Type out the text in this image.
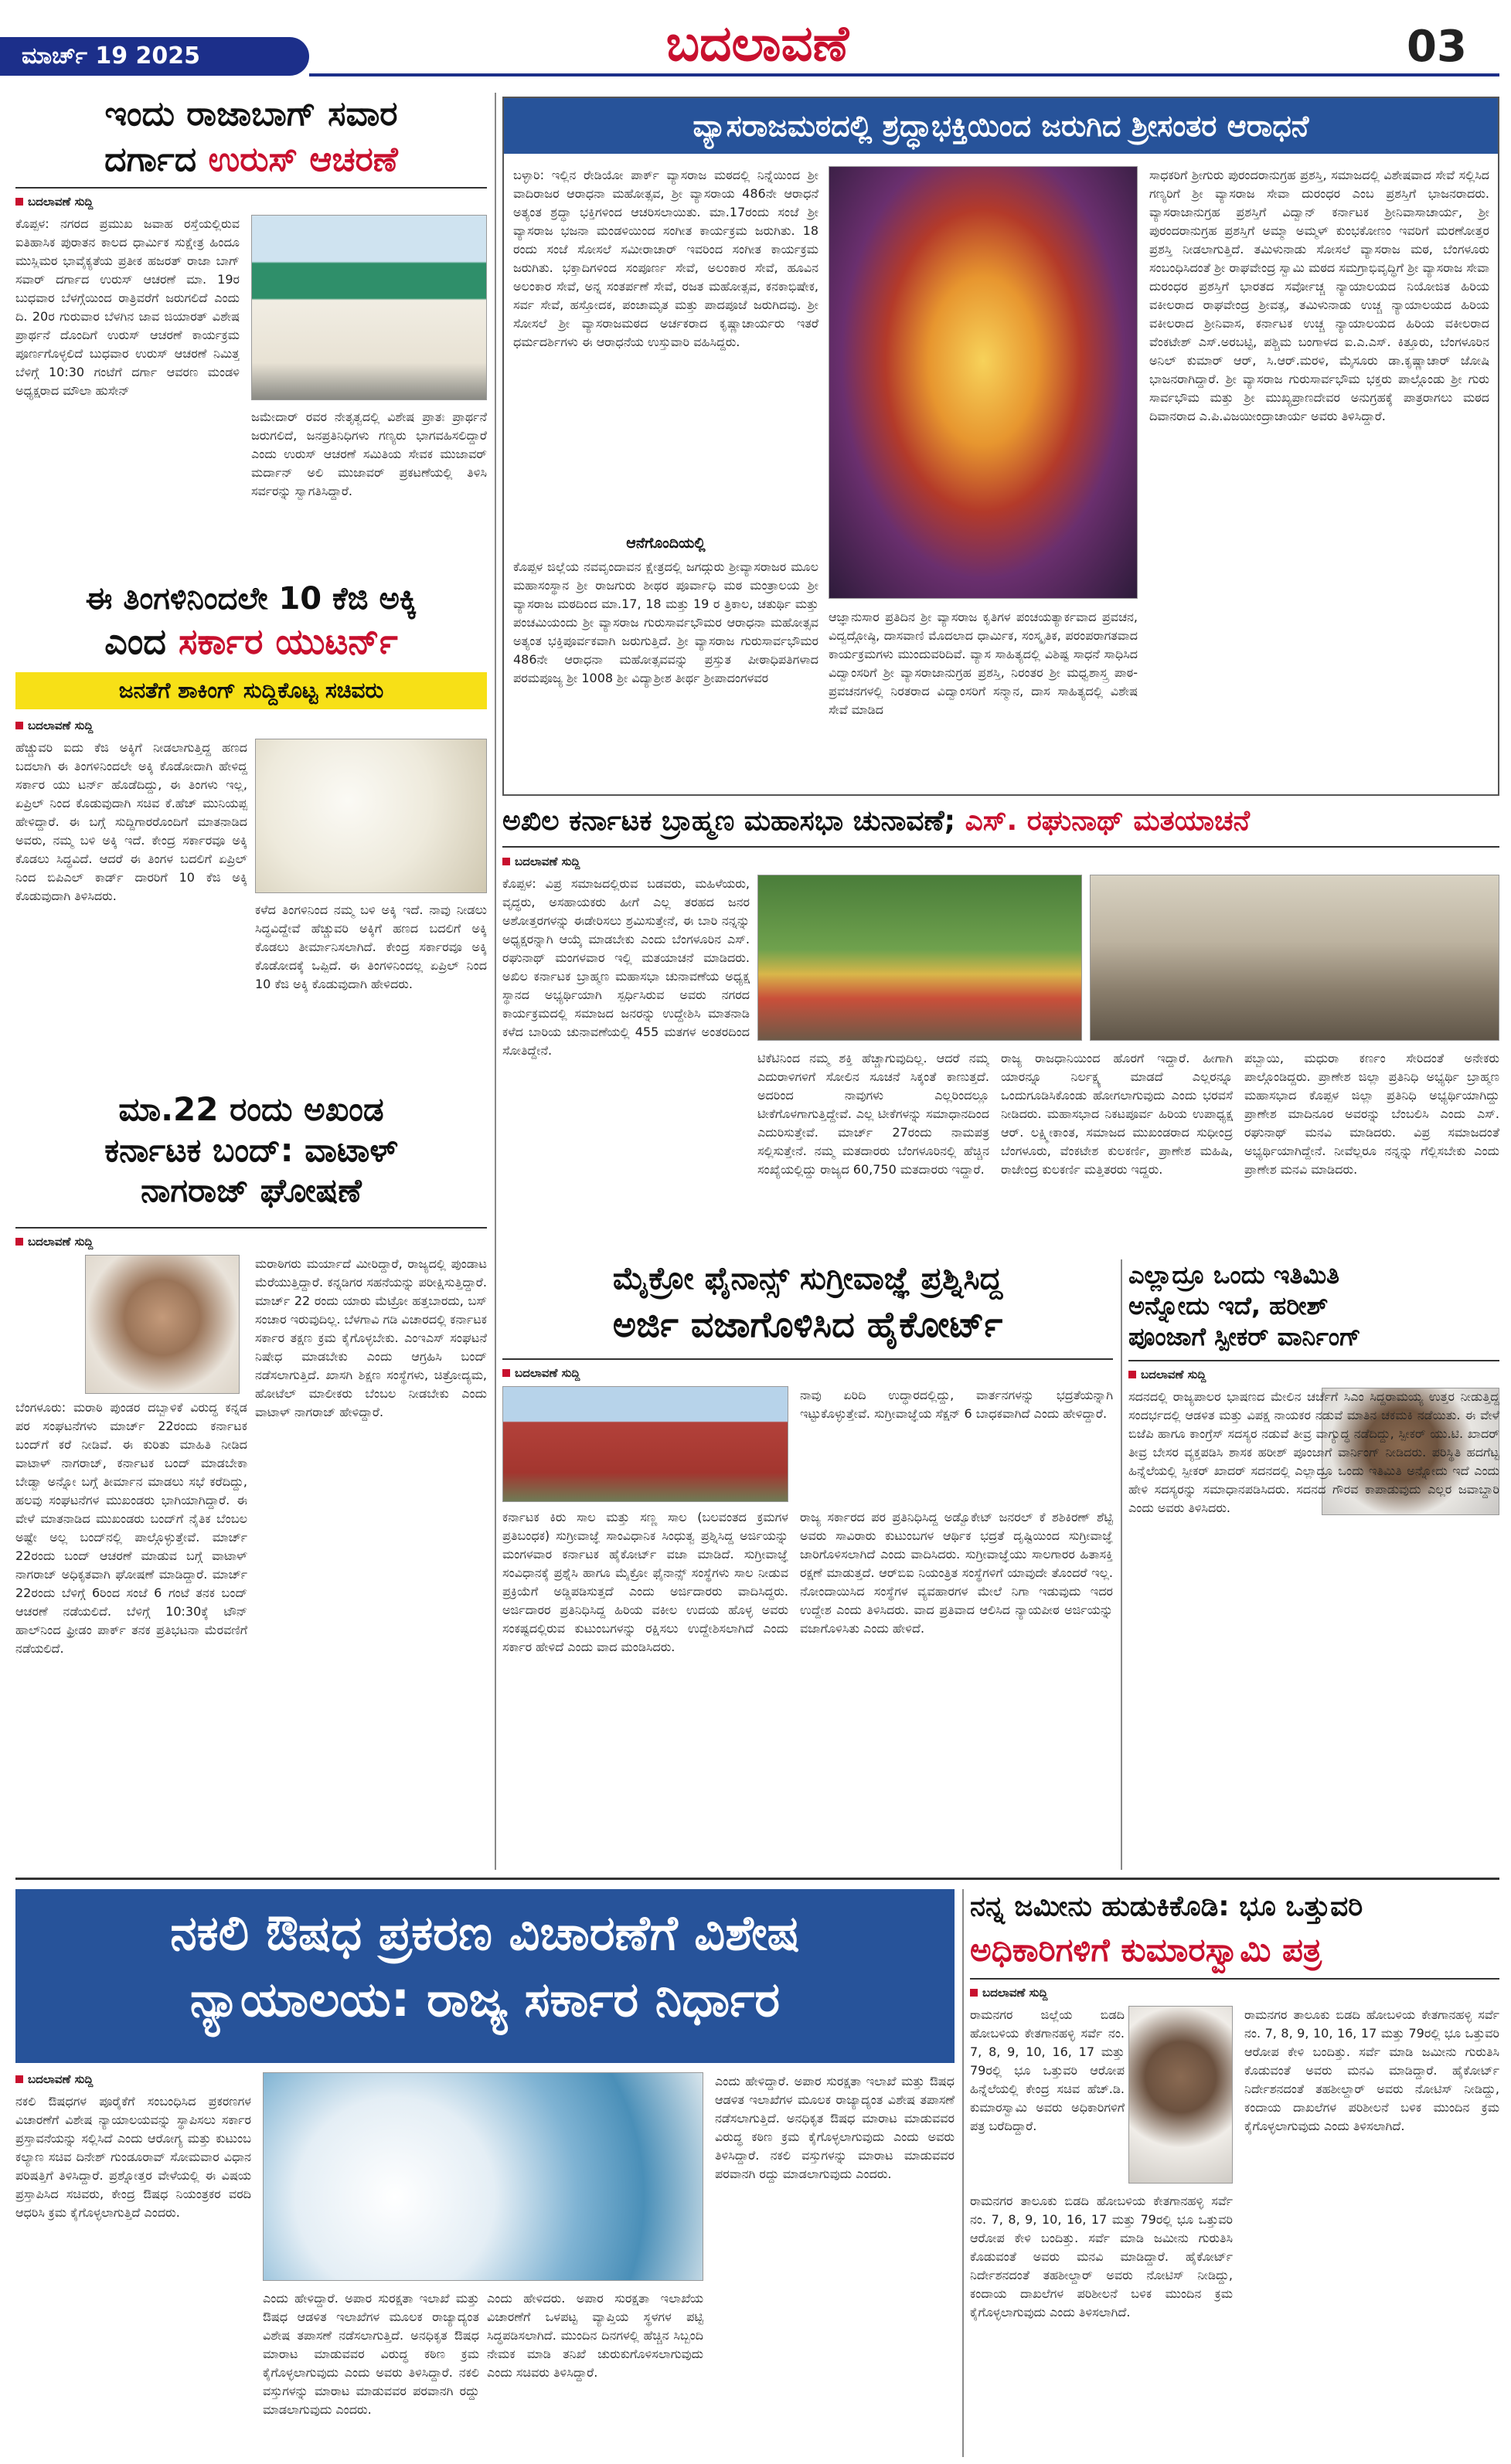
ಮಾರ್ಚ್ 19 2025	ಬದಲಾವಣೆ	03
ಇಂದು ರಾಜಾಬಾಗ್ ಸವಾರ
ದರ್ಗಾದ ಉರುಸ್ ಆಚರಣೆ
ಬದಲಾವಣೆ ಸುದ್ದಿ
ಕೊಪ್ಪಳ: ನಗರದ ಪ್ರಮುಖ ಜವಾಹ ರಸ್ತೆಯಲ್ಲಿರುವ ಐತಿಹಾಸಿಕ ಪುರಾತನ ಕಾಲದ ಧಾರ್ಮಿಕ ಸುಕ್ಷೇತ್ರ ಹಿಂದೂ ಮುಸ್ಲಿಮರ ಭಾವೈಕ್ಯತೆಯ ಪ್ರತೀಕ ಹಜರತ್ ರಾಜಾ ಬಾಗ್ ಸವಾರ್ ದರ್ಗಾದ ಉರುಸ್ ಆಚರಣೆ ಮಾ. 19ರ ಬುಧವಾರ ಬೆಳಗ್ಗೆಯಿಂದ ರಾತ್ರಿವರೆಗೆ ಜರುಗಲಿದೆ ಎಂದು ದಿ. 20ರ ಗುರುವಾರ ಬೆಳಗಿನ ಜಾವ ಜಿಯಾರತ್ ವಿಶೇಷ ಪ್ರಾರ್ಥನೆ ದೊಂದಿಗೆ ಉರುಸ್ ಆಚರಣೆ ಕಾರ್ಯಕ್ರಮ ಪೂರ್ಣಗೊಳ್ಳಲಿದೆ ಬುಧವಾರ ಉರುಸ್ ಆಚರಣೆ ನಿಮಿತ್ತ ಬೆಳಿಗ್ಗೆ 10:30 ಗಂಟೆಗೆ ದರ್ಗಾ ಆವರಣ ಮಂಡಳಿ ಅಧ್ಯಕ್ಷರಾದ ಮೌಲಾ ಹುಸೇನ್
ಜಮೇದಾರ್ ರವರ ನೇತೃತ್ವದಲ್ಲಿ ವಿಶೇಷ ಪ್ರಾತಃ ಪ್ರಾರ್ಥನೆ ಜರುಗಲಿದೆ, ಜನಪ್ರತಿನಿಧಿಗಳು ಗಣ್ಯರು ಭಾಗವಹಿಸಲಿದ್ದಾರೆ ಎಂದು ಉರುಸ್ ಆಚರಣೆ ಸಮಿತಿಯ ಸೇವಕ ಮುಜಾವರ್ ಮರ್ದಾನ್ ಅಲಿ ಮುಜಾವರ್ ಪ್ರಕಟಣೆಯಲ್ಲಿ ತಿಳಿಸಿ ಸರ್ವರನ್ನು ಸ್ವಾಗತಿಸಿದ್ದಾರೆ.
ಈ ತಿಂಗಳಿನಿಂದಲೇ 10 ಕೆಜಿ ಅಕ್ಕಿ
ಎಂದ ಸರ್ಕಾರ ಯುಟರ್ನ್
ಜನತೆಗೆ ಶಾಕಿಂಗ್ ಸುದ್ದಿಕೊಟ್ಟ ಸಚಿವರು
ಬದಲಾವಣೆ ಸುದ್ದಿ
ಹೆಚ್ಚುವರಿ ಐದು ಕೆಜಿ ಅಕ್ಕಿಗೆ ನೀಡಲಾಗುತ್ತಿದ್ದ ಹಣದ ಬದಲಾಗಿ ಈ ತಿಂಗಳಿನಿಂದಲೇ ಅಕ್ಕಿ ಕೊಡೋದಾಗಿ ಹೇಳಿದ್ದ ಸರ್ಕಾರ ಯು ಟರ್ನ್ ಹೊಡೆದಿದ್ದು, ಈ ತಿಂಗಳು ಇಲ್ಲ, ಏಪ್ರಿಲ್ ನಿಂದ ಕೊಡುವುದಾಗಿ ಸಚಿವ ಕೆ.ಹೆಚ್ ಮುನಿಯಪ್ಪ ಹೇಳಿದ್ದಾರೆ. ಈ ಬಗ್ಗೆ ಸುದ್ದಿಗಾರರೊಂದಿಗೆ ಮಾತನಾಡಿದ ಅವರು, ನಮ್ಮ ಬಳಿ ಅಕ್ಕಿ ಇದೆ. ಕೇಂದ್ರ ಸರ್ಕಾರವೂ ಅಕ್ಕಿ ಕೊಡಲು ಸಿದ್ಧವಿದೆ. ಆದರೆ ಈ ತಿಂಗಳ ಬದಲಿಗೆ ಏಪ್ರಿಲ್ ನಿಂದ ಬಿಪಿಎಲ್ ಕಾರ್ಡ್ ದಾರರಿಗೆ 10 ಕೆಜಿ ಅಕ್ಕಿ ಕೊಡುವುದಾಗಿ ತಿಳಿಸಿದರು.
ಕಳೆದ ತಿಂಗಳಿನಿಂದ ನಮ್ಮ ಬಳಿ ಅಕ್ಕಿ ಇದೆ. ನಾವು ನೀಡಲು ಸಿದ್ಧವಿದ್ದೇವೆ ಹೆಚ್ಚುವರಿ ಅಕ್ಕಿಗೆ ಹಣದ ಬದಲಿಗೆ ಅಕ್ಕಿ ಕೊಡಲು ತೀರ್ಮಾನಿಸಲಾಗಿದೆ. ಕೇಂದ್ರ ಸರ್ಕಾರವೂ ಅಕ್ಕಿ ಕೊಡೋದಕ್ಕೆ ಒಪ್ಪಿದೆ. ಈ ತಿಂಗಳಿನಿಂದಲ್ಲ ಏಪ್ರಿಲ್ ನಿಂದ 10 ಕೆಜಿ ಅಕ್ಕಿ ಕೊಡುವುದಾಗಿ ಹೇಳಿದರು.
ಮಾ.22 ರಂದು ಅಖಂಡ
ಕರ್ನಾಟಕ ಬಂದ್: ವಾಟಾಳ್
ನಾಗರಾಜ್ ಘೋಷಣೆ
ಬದಲಾವಣೆ ಸುದ್ದಿ
ಬೆಂಗಳೂರು: ಮರಾಠಿ ಪುಂಡರ ದಬ್ಬಾಳಿಕೆ ವಿರುದ್ಧ ಕನ್ನಡ ಪರ ಸಂಘಟನೆಗಳು ಮಾರ್ಚ್ 22ರಂದು ಕರ್ನಾಟಕ ಬಂದ್‌ಗೆ ಕರೆ ನೀಡಿವೆ. ಈ ಕುರಿತು ಮಾಹಿತಿ ನೀಡಿದ ವಾಟಾಳ್ ನಾಗರಾಜ್, ಕರ್ನಾಟಕ ಬಂದ್ ಮಾಡಬೇಕಾ ಬೇಡ್ವಾ ಅನ್ನೋ ಬಗ್ಗೆ ತೀರ್ಮಾನ ಮಾಡಲು ಸಭೆ ಕರೆದಿದ್ದು, ಹಲವು ಸಂಘಟನೆಗಳ ಮುಖಂಡರು ಭಾಗಿಯಾಗಿದ್ದಾರೆ. ಈ ವೇಳೆ ಮಾತನಾಡಿದ ಮುಖಂಡರು ಬಂದ್‌ಗೆ ನೈತಿಕ ಬೆಂಬಲ ಅಷ್ಟೇ ಅಲ್ಲ ಬಂದ್‌ನಲ್ಲಿ ಪಾಲ್ಗೊಳ್ಳುತ್ತೇವೆ. ಮಾರ್ಚ್ 22ರಂದು ಬಂದ್ ಆಚರಣೆ ಮಾಡುವ ಬಗ್ಗೆ ವಾಟಾಳ್ ನಾಗರಾಜ್ ಅಧಿಕೃತವಾಗಿ ಘೋಷಣೆ ಮಾಡಿದ್ದಾರೆ. ಮಾರ್ಚ್ 22ರಂದು ಬೆಳಿಗ್ಗೆ 6ರಿಂದ ಸಂಜೆ 6 ಗಂಟೆ ತನಕ ಬಂದ್ ಆಚರಣೆ ನಡೆಯಲಿದೆ. ಬೆಳಿಗ್ಗೆ 10:30ಕ್ಕೆ ಟೌನ್ ಹಾಲ್‌ನಿಂದ ಫ್ರೀಡಂ ಪಾರ್ಕ್ ತನಕ ಪ್ರತಿಭಟನಾ ಮೆರವಣಿಗೆ ನಡೆಯಲಿದೆ.
ಮರಾಠಿಗರು ಮರ್ಯಾದೆ ಮೀರಿದ್ದಾರೆ, ರಾಜ್ಯದಲ್ಲಿ ಪುಂಡಾಟ ಮೆರೆಯುತ್ತಿದ್ದಾರೆ. ಕನ್ನಡಿಗರ ಸಹನೆಯನ್ನು ಪರೀಕ್ಷಿಸುತ್ತಿದ್ದಾರೆ. ಮಾರ್ಚ್ 22 ರಂದು ಯಾರು ಮೆಟ್ರೋ ಹತ್ತಬಾರದು, ಬಸ್ ಸಂಚಾರ ಇರುವುದಿಲ್ಲ. ಬೆಳಗಾವಿ ಗಡಿ ವಿಚಾರದಲ್ಲಿ ಕರ್ನಾಟಕ ಸರ್ಕಾರ ತಕ್ಷಣ ಕ್ರಮ ಕೈಗೊಳ್ಳಬೇಕು. ಎಂಇಎಸ್ ಸಂಘಟನೆ ನಿಷೇಧ ಮಾಡಬೇಕು ಎಂದು ಆಗ್ರಹಿಸಿ ಬಂದ್ ನಡೆಸಲಾಗುತ್ತಿದೆ. ಖಾಸಗಿ ಶಿಕ್ಷಣ ಸಂಸ್ಥೆಗಳು, ಚಿತ್ರೋದ್ಯಮ, ಹೋಟೆಲ್ ಮಾಲೀಕರು ಬೆಂಬಲ ನೀಡಬೇಕು ಎಂದು ವಾಟಾಳ್ ನಾಗರಾಜ್ ಹೇಳಿದ್ದಾರೆ.
ವ್ಯಾಸರಾಜಮಠದಲ್ಲಿ ಶ್ರದ್ಧಾಭಕ್ತಿಯಿಂದ ಜರುಗಿದ ಶ್ರೀಸಂತರ ಆರಾಧನೆ
ಬಳ್ಳಾರಿ: ಇಲ್ಲಿನ ರೇಡಿಯೋ ಪಾರ್ಕ್ ವ್ಯಾಸರಾಜ ಮಠದಲ್ಲಿ ನಿನ್ನೆಯಿಂದ ಶ್ರೀ ವಾದಿರಾಜರ ಆರಾಧನಾ ಮಹೋತ್ಸವ, ಶ್ರೀ ವ್ಯಾಸರಾಯ 486ನೇ ಆರಾಧನೆ ಅತ್ಯಂತ ಶ್ರದ್ಧಾ ಭಕ್ತಿಗಳಿಂದ ಆಚರಿಸಲಾಯಿತು. ಮಾ.17ರಂದು ಸಂಜೆ ಶ್ರೀ ವ್ಯಾಸರಾಜ ಭಜನಾ ಮಂಡಳಿಯಿಂದ ಸಂಗೀತ ಕಾರ್ಯಕ್ರಮ ಜರುಗಿತು. 18 ರಂದು ಸಂಜೆ ಸೋಸಲೆ ಸಮೀರಾಚಾರ್ ಇವರಿಂದ ಸಂಗೀತ ಕಾರ್ಯಕ್ರಮ ಜರುಗಿತು. ಭಕ್ತಾದಿಗಳಿಂದ ಸಂಪೂರ್ಣ ಸೇವೆ, ಅಲಂಕಾರ ಸೇವೆ, ಹೂವಿನ ಅಲಂಕಾರ ಸೇವೆ, ಅನ್ನ ಸಂತರ್ಪಣೆ ಸೇವೆ, ರಜತ ಮಹೋತ್ಸವ, ಕನಕಾಭಿಷೇಕ, ಸರ್ವ ಸೇವೆ, ಹಸ್ತೋದಕ, ಪಂಚಾಮೃತ ಮತ್ತು ಪಾದಪೂಜೆ ಜರುಗಿದವು. ಶ್ರೀ ಸೋಸಲೆ ಶ್ರೀ ವ್ಯಾಸರಾಜಮಠದ ಅರ್ಚಕರಾದ ಕೃಷ್ಣಾಚಾರ್ಯರು ಇತರೆ ಧರ್ಮದರ್ಶಿಗಳು ಈ ಆರಾಧನೆಯ ಉಸ್ತುವಾರಿ ವಹಿಸಿದ್ದರು.
ಆನೆಗೊಂದಿಯಲ್ಲಿ
ಕೊಪ್ಪಳ ಜಿಲ್ಲೆಯ ನವವೃಂದಾವನ ಕ್ಷೇತ್ರದಲ್ಲಿ ಜಗದ್ಗುರು ಶ್ರೀವ್ಯಾಸರಾಜರ ಮೂಲ ಮಹಾಸಂಸ್ಥಾನ ಶ್ರೀ ರಾಜಗುರು ಶೀಥರ ಪೂರ್ವಾಧಿ ಮಠ ಮಂತ್ರಾಲಯ ಶ್ರೀ ವ್ಯಾಸರಾಜ ಮಠದಿಂದ ಮಾ.17, 18 ಮತ್ತು 19 ರ ತ್ರಿಕಾಲ, ಚತುರ್ಥಿ ಮತ್ತು ಪಂಚಮಿಯಂದು ಶ್ರೀ ವ್ಯಾಸರಾಜ ಗುರುಸಾರ್ವಭೌಮರ ಆರಾಧನಾ ಮಹೋತ್ಸವ ಅತ್ಯಂತ ಭಕ್ತಿಪೂರ್ವಕವಾಗಿ ಜರುಗುತ್ತಿದೆ. ಶ್ರೀ ವ್ಯಾಸರಾಜ ಗುರುಸಾರ್ವಭೌಮರ 486ನೇ ಆರಾಧನಾ ಮಹೋತ್ಸವವನ್ನು ಪ್ರಸ್ತುತ ಪೀಠಾಧಿಪತಿಗಳಾದ ಪರಮಪೂಜ್ಯ ಶ್ರೀ 1008 ಶ್ರೀ ವಿದ್ಯಾಶ್ರೀಶ ತೀರ್ಥ ಶ್ರೀಪಾದಂಗಳವರ
ಆಜ್ಞಾನುಸಾರ ಪ್ರತಿದಿನ ಶ್ರೀ ವ್ಯಾಸರಾಜ ಕೃತಿಗಳ ಪಂಚಯತ್ಯಾರ್ಕವಾದ ಪ್ರವಚನ, ವಿದ್ವದ್ಗೋಷ್ಠಿ, ದಾಸವಾಣಿ ಮೊದಲಾದ ಧಾರ್ಮಿಕ, ಸಂಸ್ಕೃತಿಕ, ಪರಂಪರಾಗತವಾದ ಕಾರ್ಯಕ್ರಮಗಳು ಮುಂದುವರಿದಿವೆ. ವ್ಯಾಸ ಸಾಹಿತ್ಯದಲ್ಲಿ ವಿಶಿಷ್ಟ ಸಾಧನೆ ಸಾಧಿಸಿದ ವಿದ್ವಾಂಸರಿಗೆ ಶ್ರೀ ವ್ಯಾಸರಾಜಾನುಗ್ರಹ ಪ್ರಶಸ್ತಿ, ನಿರಂತರ ಶ್ರೀ ಮಧ್ವಶಾಸ್ತ್ರ ಪಾಠ-ಪ್ರವಚನಗಳಲ್ಲಿ ನಿರತರಾದ ವಿದ್ವಾಂಸರಿಗೆ ಸನ್ಮಾನ, ದಾಸ ಸಾಹಿತ್ಯದಲ್ಲಿ ವಿಶೇಷ ಸೇವೆ ಮಾಡಿದ
ಸಾಧಕರಿಗೆ ಶ್ರೀಗುರು ಪುರಂದರಾನುಗ್ರಹ ಪ್ರಶಸ್ತಿ, ಸಮಾಜದಲ್ಲಿ ವಿಶೇಷವಾದ ಸೇವೆ ಸಲ್ಲಿಸಿದ ಗಣ್ಯರಿಗೆ ಶ್ರೀ ವ್ಯಾಸರಾಜ ಸೇವಾ ದುರಂಧರ ಎಂಬ ಪ್ರಶಸ್ತಿಗೆ ಭಾಜನರಾದರು. ವ್ಯಾಸರಾಜಾನುಗ್ರಹ ಪ್ರಶಸ್ತಿಗೆ ವಿದ್ವಾನ್ ಕರ್ನಾಟಕ ಶ್ರೀನಿವಾಸಾಚಾರ್ಯ, ಶ್ರೀ ಪುರಂದರಾನುಗ್ರಹ ಪ್ರಶಸ್ತಿಗೆ ಅಮ್ಮಾ ಅಮ್ಮಳ್ ಕುಂಭಕೋಣಂ ಇವರಿಗೆ ಮರಣೋತ್ತರ ಪ್ರಶಸ್ತಿ ನೀಡಲಾಗುತ್ತಿದೆ. ತಮಿಳುನಾಡು ಸೋಸಲೆ ವ್ಯಾಸರಾಜ ಮಠ, ಬೆಂಗಳೂರು ಸಂಬಂಧಿಸಿದಂತೆ ಶ್ರೀ ರಾಘವೇಂದ್ರ ಸ್ವಾಮಿ ಮಠದ ಸಮಗ್ರಾಭಿವೃದ್ಧಿಗೆ ಶ್ರೀ ವ್ಯಾಸರಾಜ ಸೇವಾ ದುರಂಧರ ಪ್ರಶಸ್ತಿಗೆ ಭಾರತದ ಸರ್ವೋಚ್ಚ ನ್ಯಾಯಾಲಯದ ನಿಯೋಜಿತ ಹಿರಿಯ ವಕೀಲರಾದ ರಾಘವೇಂದ್ರ ಶ್ರೀವತ್ಸ, ತಮಿಳುನಾಡು ಉಚ್ಚ ನ್ಯಾಯಾಲಯದ ಹಿರಿಯ ವಕೀಲರಾದ ಶ್ರೀನಿವಾಸ, ಕರ್ನಾಟಕ ಉಚ್ಚ ನ್ಯಾಯಾಲಯದ ಹಿರಿಯ ವಕೀಲರಾದ ವೆಂಕಟೇಶ್ ಎಸ್.ಅರಬಟ್ಟಿ, ಪಶ್ಚಿಮ ಬಂಗಾಳದ ಐ.ಎ.ಎಸ್. ಕಿತ್ತೂರು, ಬೆಂಗಳೂರಿನ ಅನಿಲ್ ಕುಮಾರ್ ಆರ್, ಸಿ.ಆರ್.ಮರಳಿ, ಮೈಸೂರು ಡಾ.ಕೃಷ್ಣಾಚಾರ್ ಜೋಷಿ ಭಾಜನರಾಗಿದ್ದಾರೆ. ಶ್ರೀ ವ್ಯಾಸರಾಜ ಗುರುಸಾರ್ವಭೌಮ ಭಕ್ತರು ಪಾಲ್ಗೊಂಡು ಶ್ರೀ ಗುರು ಸಾರ್ವಭೌಮ ಮತ್ತು ಶ್ರೀ ಮುಖ್ಯಪ್ರಾಣದೇವರ ಅನುಗ್ರಹಕ್ಕೆ ಪಾತ್ರರಾಗಲು ಮಠದ ದಿವಾನರಾದ ಎ.ಪಿ.ವಿಜಯೀಂದ್ರಾಚಾರ್ಯ ಅವರು ತಿಳಿಸಿದ್ದಾರೆ.
ಅಖಿಲ ಕರ್ನಾಟಕ ಬ್ರಾಹ್ಮಣ ಮಹಾಸಭಾ ಚುನಾವಣೆ; ಎಸ್. ರಘುನಾಥ್ ಮತಯಾಚನೆ
ಬದಲಾವಣೆ ಸುದ್ದಿ
ಕೊಪ್ಪಳ: ವಿಪ್ರ ಸಮಾಜದಲ್ಲಿರುವ ಬಡವರು, ಮಹಿಳೆಯರು, ವೃದ್ಧರು, ಅಸಹಾಯಕರು ಹೀಗೆ ಎಲ್ಲ ತರಹದ ಜನರ ಅಶೋತ್ತರಗಳನ್ನು ಈಡೇರಿಸಲು ಶ್ರಮಿಸುತ್ತೇನೆ, ಈ ಬಾರಿ ನನ್ನನ್ನು ಅಧ್ಯಕ್ಷರನ್ನಾಗಿ ಆಯ್ಕೆ ಮಾಡಬೇಕು ಎಂದು ಬೆಂಗಳೂರಿನ ಎಸ್. ರಘುನಾಥ್ ಮಂಗಳವಾರ ಇಲ್ಲಿ ಮತಯಾಚನೆ ಮಾಡಿದರು. ಅಖಿಲ ಕರ್ನಾಟಕ ಬ್ರಾಹ್ಮಣ ಮಹಾಸಭಾ ಚುನಾವಣೆಯ ಅಧ್ಯಕ್ಷ ಸ್ಥಾನದ ಅಭ್ಯರ್ಥಿಯಾಗಿ ಸ್ಪರ್ಧಿಸಿರುವ ಅವರು ನಗರದ ಕಾರ್ಯಕ್ರಮದಲ್ಲಿ ಸಮಾಜದ ಜನರನ್ನು ಉದ್ದೇಶಿಸಿ ಮಾತನಾಡಿ ಕಳೆದ ಬಾರಿಯ ಚುನಾವಣೆಯಲ್ಲಿ 455 ಮತಗಳ ಅಂತರದಿಂದ ಸೋತಿದ್ದೇನೆ.
ಟಿಕೆಟಿನಿಂದ ನಮ್ಮ ಶಕ್ತಿ ಹೆಚ್ಚಾಗುವುದಿಲ್ಲ. ಆದರೆ ನಮ್ಮ ಎದುರಾಳಿಗಳಿಗೆ ಸೋಲಿನ ಸೂಚನೆ ಸಿಕ್ಕಂತೆ ಕಾಣುತ್ತದೆ. ಅದರಿಂದ ನಾವುಗಳು ಎಲ್ಲರಿಂದಲ್ಲೂ ಟೀಕೆಗೊಳಗಾಗುತ್ತಿದ್ದೇವೆ. ಎಲ್ಲ ಟೀಕೆಗಳನ್ನು ಸಮಾಧಾನದಿಂದ ಎದುರಿಸುತ್ತೇವೆ. ಮಾರ್ಚ್ 27ರಂದು ನಾಮಪತ್ರ ಸಲ್ಲಿಸುತ್ತೇನೆ. ನಮ್ಮ ಮತದಾರರು ಬೆಂಗಳೂರಿನಲ್ಲಿ ಹೆಚ್ಚಿನ ಸಂಖ್ಯೆಯಲ್ಲಿದ್ದು ರಾಜ್ಯದ 60,750 ಮತದಾರರು ಇದ್ದಾರೆ.
ರಾಜ್ಯ ರಾಜಧಾನಿಯಿಂದ ಹೊರಗೆ ಇದ್ದಾರೆ. ಹೀಗಾಗಿ ಯಾರನ್ನೂ ನಿರ್ಲಕ್ಷ್ಯ ಮಾಡದೆ ಎಲ್ಲರನ್ನೂ ಒಂದುಗೂಡಿಸಿಕೊಂಡು ಹೋಗಲಾಗುವುದು ಎಂದು ಭರವಸೆ ನೀಡಿದರು. ಮಹಾಸಭಾದ ನಿಕಟಪೂರ್ವ ಹಿರಿಯ ಉಪಾಧ್ಯಕ್ಷ ಆರ್. ಲಕ್ಷ್ಮೀಕಾಂತ, ಸಮಾಜದ ಮುಖಂಡರಾದ ಸುಧೀಂದ್ರ ಬೆಂಗಳೂರು, ವೆಂಕಟೇಶ ಕುಲಕರ್ಣಿ, ಪ್ರಾಣೇಶ ಮಹಿಷಿ, ರಾಜೇಂದ್ರ ಕುಲಕರ್ಣಿ ಮತ್ತಿತರರು ಇದ್ದರು.
ಪಬ್ಬಾಯಿ, ಮಧುರಾ ಕರ್ಣಂ ಸೇರಿದಂತೆ ಅನೇಕರು ಪಾಲ್ಗೊಂಡಿದ್ದರು. ಪ್ರಾಣೇಶ ಜಿಲ್ಲಾ ಪ್ರತಿನಿಧಿ ಅಭ್ಯರ್ಥಿ ಬ್ರಾಹ್ಮಣ ಮಹಾಸಭಾದ ಕೊಪ್ಪಳ ಜಿಲ್ಲಾ ಪ್ರತಿನಿಧಿ ಅಭ್ಯರ್ಥಿಯಾಗಿದ್ದು ಪ್ರಾಣೇಶ ಮಾದಿನೂರ ಅವರನ್ನು ಬೆಂಬಲಿಸಿ ಎಂದು ಎಸ್. ರಘುನಾಥ್ ಮನವಿ ಮಾಡಿದರು. ವಿಪ್ರ ಸಮಾಜದಂತೆ ಅಭ್ಯರ್ಥಿಯಾಗಿದ್ದೇನೆ. ನೀವೆಲ್ಲರೂ ನನ್ನನ್ನು ಗೆಲ್ಲಿಸಬೇಕು ಎಂದು ಪ್ರಾಣೇಶ ಮನವಿ ಮಾಡಿದರು.
ಮೈಕ್ರೋ ಫೈನಾನ್ಸ್ ಸುಗ್ರೀವಾಜ್ಞೆ ಪ್ರಶ್ನಿಸಿದ್ದ
ಅರ್ಜಿ ವಜಾಗೊಳಿಸಿದ ಹೈಕೋರ್ಟ್
ಬದಲಾವಣೆ ಸುದ್ದಿ
ನಾವು ಏರಿದಿ ಉದ್ಧಾರದಲ್ಲಿದ್ದು, ವಾರ್ತನಗಳನ್ನು ಭದ್ರತೆಯನ್ನಾಗಿ ಇಟ್ಟುಕೊಳ್ಳುತ್ತೇವೆ. ಸುಗ್ರೀವಾಜ್ಞೆಯ ಸೆಕ್ಷನ್ 6 ಬಾಧಕವಾಗಿದೆ ಎಂದು ಹೇಳಿದ್ದಾರೆ.
ಕರ್ನಾಟಕ ಕಿರು ಸಾಲ ಮತ್ತು ಸಣ್ಣ ಸಾಲ (ಬಲವಂತದ ಕ್ರಮಗಳ ಪ್ರತಿಬಂಧಕ) ಸುಗ್ರೀವಾಜ್ಞೆ ಸಾಂವಿಧಾನಿಕ ಸಿಂಧುತ್ವ ಪ್ರಶ್ನಿಸಿದ್ದ ಅರ್ಜಿಯನ್ನು ಮಂಗಳವಾರ ಕರ್ನಾಟಕ ಹೈಕೋರ್ಟ್ ವಜಾ ಮಾಡಿದೆ. ಸುಗ್ರೀವಾಜ್ಞೆ ಸಂವಿಧಾನಕ್ಕೆ ಪ್ರಶ್ನೆಸಿ ಹಾಗೂ ಮೈಕ್ರೋ ಫೈನಾನ್ಸ್ ಸಂಸ್ಥೆಗಳು ಸಾಲ ನೀಡುವ ಪ್ರಕ್ರಿಯೆಗೆ ಅಡ್ಡಿಪಡಿಸುತ್ತದೆ ಎಂದು ಅರ್ಜಿದಾರರು ವಾದಿಸಿದ್ದರು. ಅರ್ಜಿದಾರರ ಪ್ರತಿನಿಧಿಸಿದ್ದ ಹಿರಿಯ ವಕೀಲ ಉದಯ ಹೊಳ್ಳ ಅವರು ಸಂಕಷ್ಟದಲ್ಲಿರುವ ಕುಟುಂಬಗಳನ್ನು ರಕ್ಷಿಸಲು ಉದ್ದೇಶಿಸಲಾಗಿದೆ ಎಂದು ಸರ್ಕಾರ ಹೇಳಿದೆ ಎಂದು ವಾದ ಮಂಡಿಸಿದರು.
ರಾಜ್ಯ ಸರ್ಕಾರದ ಪರ ಪ್ರತಿನಿಧಿಸಿದ್ದ ಅಡ್ವೊಕೇಟ್ ಜನರಲ್ ಕೆ ಶಶಿಕಿರಣ್ ಶೆಟ್ಟಿ ಅವರು ಸಾವಿರಾರು ಕುಟುಂಬಗಳ ಆರ್ಥಿಕ ಭದ್ರತೆ ದೃಷ್ಟಿಯಿಂದ ಸುಗ್ರೀವಾಜ್ಞೆ ಜಾರಿಗೊಳಿಸಲಾಗಿದೆ ಎಂದು ವಾದಿಸಿದರು. ಸುಗ್ರೀವಾಜ್ಞೆಯು ಸಾಲಗಾರರ ಹಿತಾಸಕ್ತಿ ರಕ್ಷಣೆ ಮಾಡುತ್ತದೆ. ಆರ್‌ಬಿಐ ನಿಯಂತ್ರಿತ ಸಂಸ್ಥೆಗಳಿಗೆ ಯಾವುದೇ ತೊಂದರೆ ಇಲ್ಲ. ನೋಂದಾಯಿಸಿದ ಸಂಸ್ಥೆಗಳ ವ್ಯವಹಾರಗಳ ಮೇಲೆ ನಿಗಾ ಇಡುವುದು ಇದರ ಉದ್ದೇಶ ಎಂದು ತಿಳಿಸಿದರು. ವಾದ ಪ್ರತಿವಾದ ಆಲಿಸಿದ ನ್ಯಾಯಪೀಠ ಅರ್ಜಿಯನ್ನು ವಜಾಗೊಳಿಸಿತು ಎಂದು ಹೇಳಿದೆ.
ಎಲ್ಲಾದ್ರೂ ಒಂದು ಇತಿಮಿತಿ
ಅನ್ನೋದು ಇದೆ, ಹರೀಶ್
ಪೂಂಜಾಗೆ ಸ್ಪೀಕರ್ ವಾರ್ನಿಂಗ್
ಬದಲಾವಣೆ ಸುದ್ದಿ
ಸದನದಲ್ಲಿ ರಾಜ್ಯಪಾಲರ ಭಾಷಣದ ಮೇಲಿನ ಚರ್ಚೆಗೆ ಸಿಎಂ ಸಿದ್ದರಾಮಯ್ಯ ಉತ್ತರ ನೀಡುತ್ತಿದ್ದ ಸಂದರ್ಭದಲ್ಲಿ ಆಡಳಿತ ಮತ್ತು ವಿಪಕ್ಷ ನಾಯಕರ ನಡುವೆ ಮಾತಿನ ಚಕಮಕಿ ನಡೆಯಿತು. ಈ ವೇಳೆ ಬಿಜೆಪಿ ಹಾಗೂ ಕಾಂಗ್ರೆಸ್ ಸದಸ್ಯರ ನಡುವೆ ತೀವ್ರ ವಾಗ್ಯುದ್ಧ ನಡೆದಿದ್ದು, ಸ್ಪೀಕರ್ ಯು.ಟಿ. ಖಾದರ್ ತೀವ್ರ ಬೇಸರ ವ್ಯಕ್ತಪಡಿಸಿ ಶಾಸಕ ಹರೀಶ್ ಪೂಂಜಾಗೆ ವಾರ್ನಿಂಗ್ ನೀಡಿದರು. ಪರಿಸ್ಥಿತಿ ಹದಗೆಟ್ಟ ಹಿನ್ನೆಲೆಯಲ್ಲಿ ಸ್ಪೀಕರ್ ಖಾದರ್ ಸದನದಲ್ಲಿ ಎಲ್ಲಾದ್ರೂ ಒಂದು ಇತಿಮಿತಿ ಅನ್ನೋದು ಇದೆ ಎಂದು ಹೇಳಿ ಸದಸ್ಯರನ್ನು ಸಮಾಧಾನಪಡಿಸಿದರು. ಸದನದ ಗೌರವ ಕಾಪಾಡುವುದು ಎಲ್ಲರ ಜವಾಬ್ದಾರಿ ಎಂದು ಅವರು ತಿಳಿಸಿದರು.
ನಕಲಿ ಔಷಧ ಪ್ರಕರಣ ವಿಚಾರಣೆಗೆ ವಿಶೇಷ
ನ್ಯಾಯಾಲಯ: ರಾಜ್ಯ ಸರ್ಕಾರ ನಿರ್ಧಾರ
ಬದಲಾವಣೆ ಸುದ್ದಿ
ನಕಲಿ ಔಷಧಗಳ ಪೂರೈಕೆಗೆ ಸಂಬಂಧಿಸಿದ ಪ್ರಕರಣಗಳ ವಿಚಾರಣೆಗೆ ವಿಶೇಷ ನ್ಯಾಯಾಲಯವನ್ನು ಸ್ಥಾಪಿಸಲು ಸರ್ಕಾರ ಪ್ರಸ್ತಾವನೆಯನ್ನು ಸಲ್ಲಿಸಿದೆ ಎಂದು ಆರೋಗ್ಯ ಮತ್ತು ಕುಟುಂಬ ಕಲ್ಯಾಣ ಸಚಿವ ದಿನೇಶ್ ಗುಂಡೂರಾವ್ ಸೋಮವಾರ ವಿಧಾನ ಪರಿಷತ್ತಿಗೆ ತಿಳಿಸಿದ್ದಾರೆ. ಪ್ರಶ್ನೋತ್ತರ ವೇಳೆಯಲ್ಲಿ ಈ ವಿಷಯ ಪ್ರಸ್ತಾಪಿಸಿದ ಸಚಿವರು, ಕೇಂದ್ರ ಔಷಧ ನಿಯಂತ್ರಕರ ವರದಿ ಆಧರಿಸಿ ಕ್ರಮ ಕೈಗೊಳ್ಳಲಾಗುತ್ತಿದೆ ಎಂದರು.
ಎಂದು ಹೇಳಿದ್ದಾರೆ. ಅಪಾರ ಸುರಕ್ಷತಾ ಇಲಾಖೆ ಮತ್ತು ಔಷಧ ಆಡಳಿತ ಇಲಾಖೆಗಳ ಮೂಲಕ ರಾಜ್ಯಾದ್ಯಂತ ವಿಶೇಷ ತಪಾಸಣೆ ನಡೆಸಲಾಗುತ್ತಿದೆ. ಅನಧಿಕೃತ ಔಷಧ ಮಾರಾಟ ಮಾಡುವವರ ವಿರುದ್ಧ ಕಠಿಣ ಕ್ರಮ ಕೈಗೊಳ್ಳಲಾಗುವುದು ಎಂದು ಅವರು ತಿಳಿಸಿದ್ದಾರೆ. ನಕಲಿ ವಸ್ತುಗಳನ್ನು ಮಾರಾಟ ಮಾಡುವವರ ಪರವಾನಗಿ ರದ್ದು ಮಾಡಲಾಗುವುದು ಎಂದರು.
ಎಂದು ಹೇಳಿದರು. ಅಪಾರ ಸುರಕ್ಷತಾ ಇಲಾಖೆಯ ವಿಚಾರಣೆಗೆ ಒಳಪಟ್ಟ ವ್ಯಾಪ್ತಿಯ ಸ್ಥಳಗಳ ಪಟ್ಟಿ ಸಿದ್ಧಪಡಿಸಲಾಗಿದೆ. ಮುಂದಿನ ದಿನಗಳಲ್ಲಿ ಹೆಚ್ಚಿನ ಸಿಬ್ಬಂದಿ ನೇಮಕ ಮಾಡಿ ತನಿಖೆ ಚುರುಕುಗೊಳಿಸಲಾಗುವುದು ಎಂದು ಸಚಿವರು ತಿಳಿಸಿದ್ದಾರೆ.
ಎಂದು ಹೇಳಿದ್ದಾರೆ. ಅಪಾರ ಸುರಕ್ಷತಾ ಇಲಾಖೆ ಮತ್ತು ಔಷಧ ಆಡಳಿತ ಇಲಾಖೆಗಳ ಮೂಲಕ ರಾಜ್ಯಾದ್ಯಂತ ವಿಶೇಷ ತಪಾಸಣೆ ನಡೆಸಲಾಗುತ್ತಿದೆ. ಅನಧಿಕೃತ ಔಷಧ ಮಾರಾಟ ಮಾಡುವವರ ವಿರುದ್ಧ ಕಠಿಣ ಕ್ರಮ ಕೈಗೊಳ್ಳಲಾಗುವುದು ಎಂದು ಅವರು ತಿಳಿಸಿದ್ದಾರೆ. ನಕಲಿ ವಸ್ತುಗಳನ್ನು ಮಾರಾಟ ಮಾಡುವವರ ಪರವಾನಗಿ ರದ್ದು ಮಾಡಲಾಗುವುದು ಎಂದರು.
ನನ್ನ ಜಮೀನು ಹುಡುಕಿಕೊಡಿ: ಭೂ ಒತ್ತುವರಿ
ಅಧಿಕಾರಿಗಳಿಗೆ ಕುಮಾರಸ್ವಾಮಿ ಪತ್ರ
ಬದಲಾವಣೆ ಸುದ್ದಿ
ರಾಮನಗರ ಜಿಲ್ಲೆಯ ಬಿಡದಿ ಹೋಬಳಿಯ ಕೇತಗಾನಹಳ್ಳಿ ಸರ್ವೆ ನಂ. 7, 8, 9, 10, 16, 17 ಮತ್ತು 79ರಲ್ಲಿ ಭೂ ಒತ್ತುವರಿ ಆರೋಪ ಹಿನ್ನೆಲೆಯಲ್ಲಿ ಕೇಂದ್ರ ಸಚಿವ ಹೆಚ್.ಡಿ. ಕುಮಾರಸ್ವಾಮಿ ಅವರು ಅಧಿಕಾರಿಗಳಿಗೆ ಪತ್ರ ಬರೆದಿದ್ದಾರೆ.
ರಾಮನಗರ ತಾಲೂಕು ಬಿಡದಿ ಹೋಬಳಿಯ ಕೇತಗಾನಹಳ್ಳಿ ಸರ್ವೆ ನಂ. 7, 8, 9, 10, 16, 17 ಮತ್ತು 79ರಲ್ಲಿ ಭೂ ಒತ್ತುವರಿ ಆರೋಪ ಕೇಳಿ ಬಂದಿತ್ತು. ಸರ್ವೆ ಮಾಡಿ ಜಮೀನು ಗುರುತಿಸಿ ಕೊಡುವಂತೆ ಅವರು ಮನವಿ ಮಾಡಿದ್ದಾರೆ. ಹೈಕೋರ್ಟ್ ನಿರ್ದೇಶನದಂತೆ ತಹಶೀಲ್ದಾರ್ ಅವರು ನೋಟಿಸ್ ನೀಡಿದ್ದು, ಕಂದಾಯ ದಾಖಲೆಗಳ ಪರಿಶೀಲನೆ ಬಳಿಕ ಮುಂದಿನ ಕ್ರಮ ಕೈಗೊಳ್ಳಲಾಗುವುದು ಎಂದು ತಿಳಿಸಲಾಗಿದೆ.
ರಾಮನಗರ ತಾಲೂಕು ಬಿಡದಿ ಹೋಬಳಿಯ ಕೇತಗಾನಹಳ್ಳಿ ಸರ್ವೆ ನಂ. 7, 8, 9, 10, 16, 17 ಮತ್ತು 79ರಲ್ಲಿ ಭೂ ಒತ್ತುವರಿ ಆರೋಪ ಕೇಳಿ ಬಂದಿತ್ತು. ಸರ್ವೆ ಮಾಡಿ ಜಮೀನು ಗುರುತಿಸಿ ಕೊಡುವಂತೆ ಅವರು ಮನವಿ ಮಾಡಿದ್ದಾರೆ. ಹೈಕೋರ್ಟ್ ನಿರ್ದೇಶನದಂತೆ ತಹಶೀಲ್ದಾರ್ ಅವರು ನೋಟಿಸ್ ನೀಡಿದ್ದು, ಕಂದಾಯ ದಾಖಲೆಗಳ ಪರಿಶೀಲನೆ ಬಳಿಕ ಮುಂದಿನ ಕ್ರಮ ಕೈಗೊಳ್ಳಲಾಗುವುದು ಎಂದು ತಿಳಿಸಲಾಗಿದೆ.
